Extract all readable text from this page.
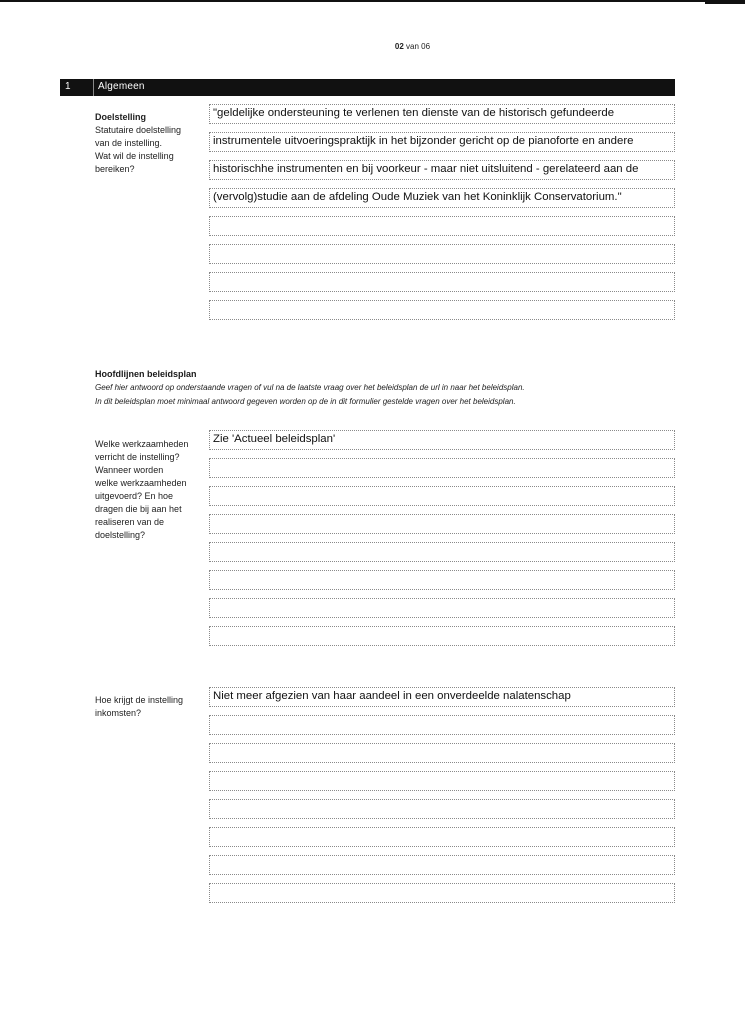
02 van 06
1	Algemeen
Doelstelling
Statutaire doelstelling
van de instelling.
Wat wil de instelling
bereiken?
"geldelijke ondersteuning te verlenen ten dienste van de historisch gefundeerde
instrumentele uitvoeringspraktijk in het bijzonder gericht op de pianoforte en andere
historischhe instrumenten en bij voorkeur - maar niet uitsluitend - gerelateerd aan de
(vervolg)studie aan de afdeling Oude Muziek van het Koninklijk Conservatorium."
Hoofdlijnen beleidsplan
Geef hier antwoord op onderstaande vragen of vul na de laatste vraag over het beleidsplan de url in naar het beleidsplan.
In dit beleidsplan moet minimaal antwoord gegeven worden op de in dit formulier gestelde vragen over het beleidsplan.
Welke werkzaamheden
verricht de instelling?
Wanneer worden
welke werkzaamheden
uitgevoerd? En hoe
dragen die bij aan het
realiseren van de
doelstelling?
Zie 'Actueel beleidsplan'
Hoe krijgt de instelling
inkomsten?
Niet meer afgezien van haar aandeel in een onverdeelde nalatenschap
